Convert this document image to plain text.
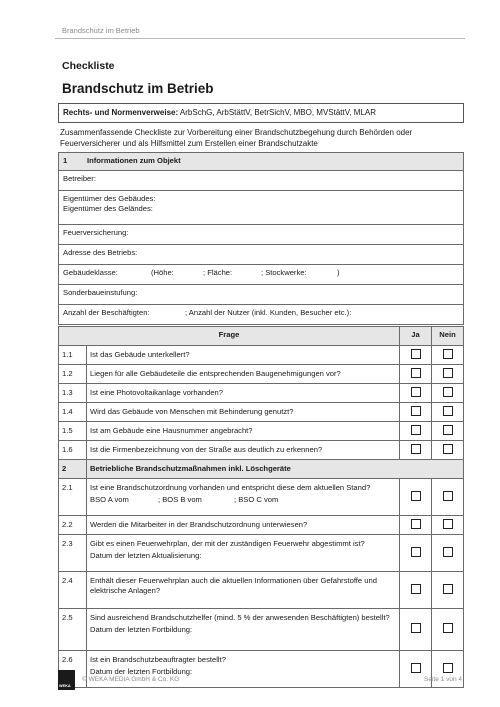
Brandschutz im Betrieb
Checkliste
Brandschutz im Betrieb
Rechts- und Normenverweise: ArbSchG, ArbStättV, BetrSichV, MBO, MVStättV, MLAR
Zusammenfassende Checkliste zur Vorbereitung einer Brandschutzbegehung durch Behörden oder Feuerversicherer und als Hilfsmittel zum Erstellen einer Brandschutzakte
1	Informationen zum Objekt
Betreiber:
Eigentümer des Gebäudes:
Eigentümer des Geländes:
Feuerversicherung:
Adresse des Betriebs:
Gebäudeklasse:	(Höhe:	; Fläche:	; Stockwerke:	)
Sonderbaueinstufung:
Anzahl der Beschäftigten:	; Anzahl der Nutzer (inkl. Kunden, Besucher etc.):
Frage		Ja	Nein
1.1	Ist das Gebäude unterkellert?		
1.2	Liegen für alle Gebäudeteile die entsprechenden Baugenehmigungen vor?		
1.3	Ist eine Photovoltaikanlage vorhanden?		
1.4	Wird das Gebäude von Menschen mit Behinderung genutzt?		
1.5	Ist am Gebäude eine Hausnummer angebracht?		
1.6	Ist die Firmenbezeichnung von der Straße aus deutlich zu erkennen?		
2	Betriebliche Brandschutzmaßnahmen inkl. Löschgeräte		
2.1	Ist eine Brandschutzordnung vorhanden und entspricht diese dem aktuellen Stand?
BSO A vom ; BOS B vom ; BSO C vom		

2.2	Werden die Mitarbeiter in der Brandschutzordnung unterwiesen?		
2.3	Gibt es einen Feuerwehrplan, der mit der zuständigen Feuerwehr abgestimmt ist?
Datum der letzten Aktualisierung:		

2.4	Enthält dieser Feuerwehrplan auch die aktuellen Informationen über Gefahrstoffe und elektrische Anlagen?		
2.5	Sind ausreichend Brandschutzhelfer (mind. 5 % der anwesenden Beschäftigten) bestellt?
Datum der letzten Fortbildung:		

2.6	Ist ein Brandschutzbeauftragter bestellt?
Datum der letzten Fortbildung:		

WEKA
© WEKA MEDIA GmbH & Co. KG	Seite 1 von 4
